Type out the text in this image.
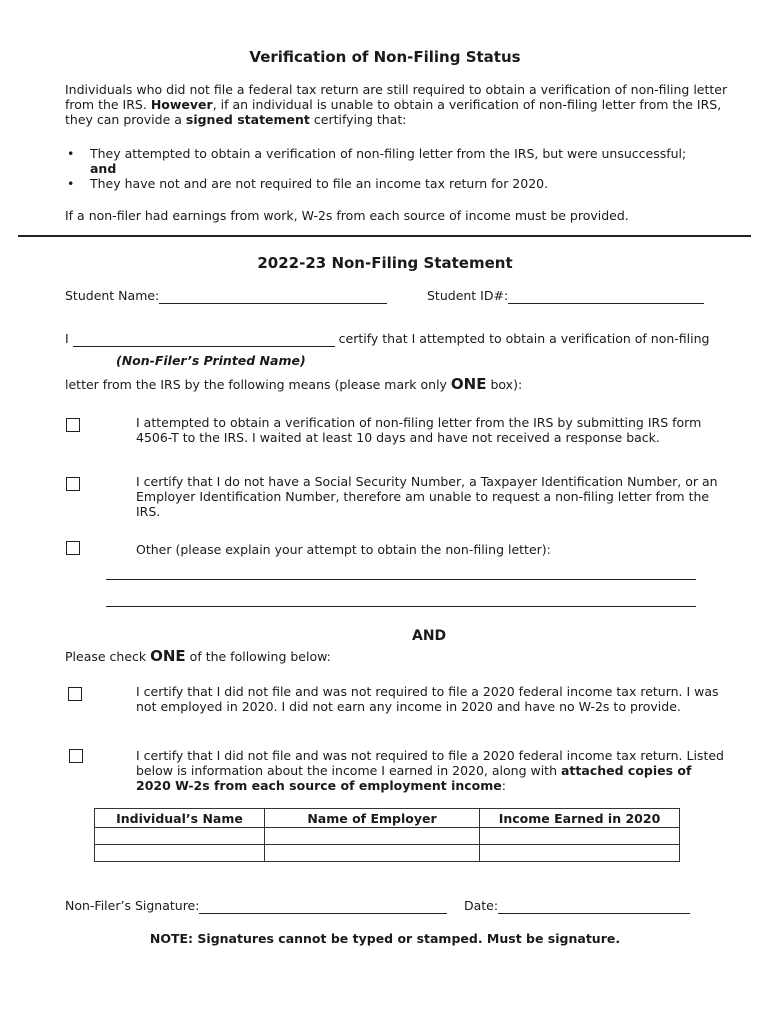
Verification of Non-Filing Status
Individuals who did not file a federal tax return are still required to obtain a verification of non-filing letter from the IRS. However, if an individual is unable to obtain a verification of non-filing letter from the IRS, they can provide a signed statement certifying that:
• They attempted to obtain a verification of non-filing letter from the IRS, but were unsuccessful; and
• They have not and are not required to file an income tax return for 2020.
If a non-filer had earnings from work, W-2s from each source of income must be provided.
2022-23 Non-Filing Statement
Student Name:	Student ID#:
I	certify that I attempted to obtain a verification of non-filing
(Non-Filer’s Printed Name)
letter from the IRS by the following means (please mark only ONE box):
I attempted to obtain a verification of non-filing letter from the IRS by submitting IRS form 4506-T to the IRS. I waited at least 10 days and have not received a response back.
I certify that I do not have a Social Security Number, a Taxpayer Identification Number, or an Employer Identification Number, therefore am unable to request a non-filing letter from the IRS.
Other (please explain your attempt to obtain the non-filing letter):
AND
Please check ONE of the following below:
I certify that I did not file and was not required to file a 2020 federal income tax return. I was not employed in 2020. I did not earn any income in 2020 and have no W-2s to provide.
I certify that I did not file and was not required to file a 2020 federal income tax return. Listed below is information about the income I earned in 2020, along with attached copies of 2020 W-2s from each source of employment income:
Individual’s Name	Name of Employer	Income Earned in 2020

Non-Filer’s Signature:	Date:
NOTE: Signatures cannot be typed or stamped. Must be signature.
